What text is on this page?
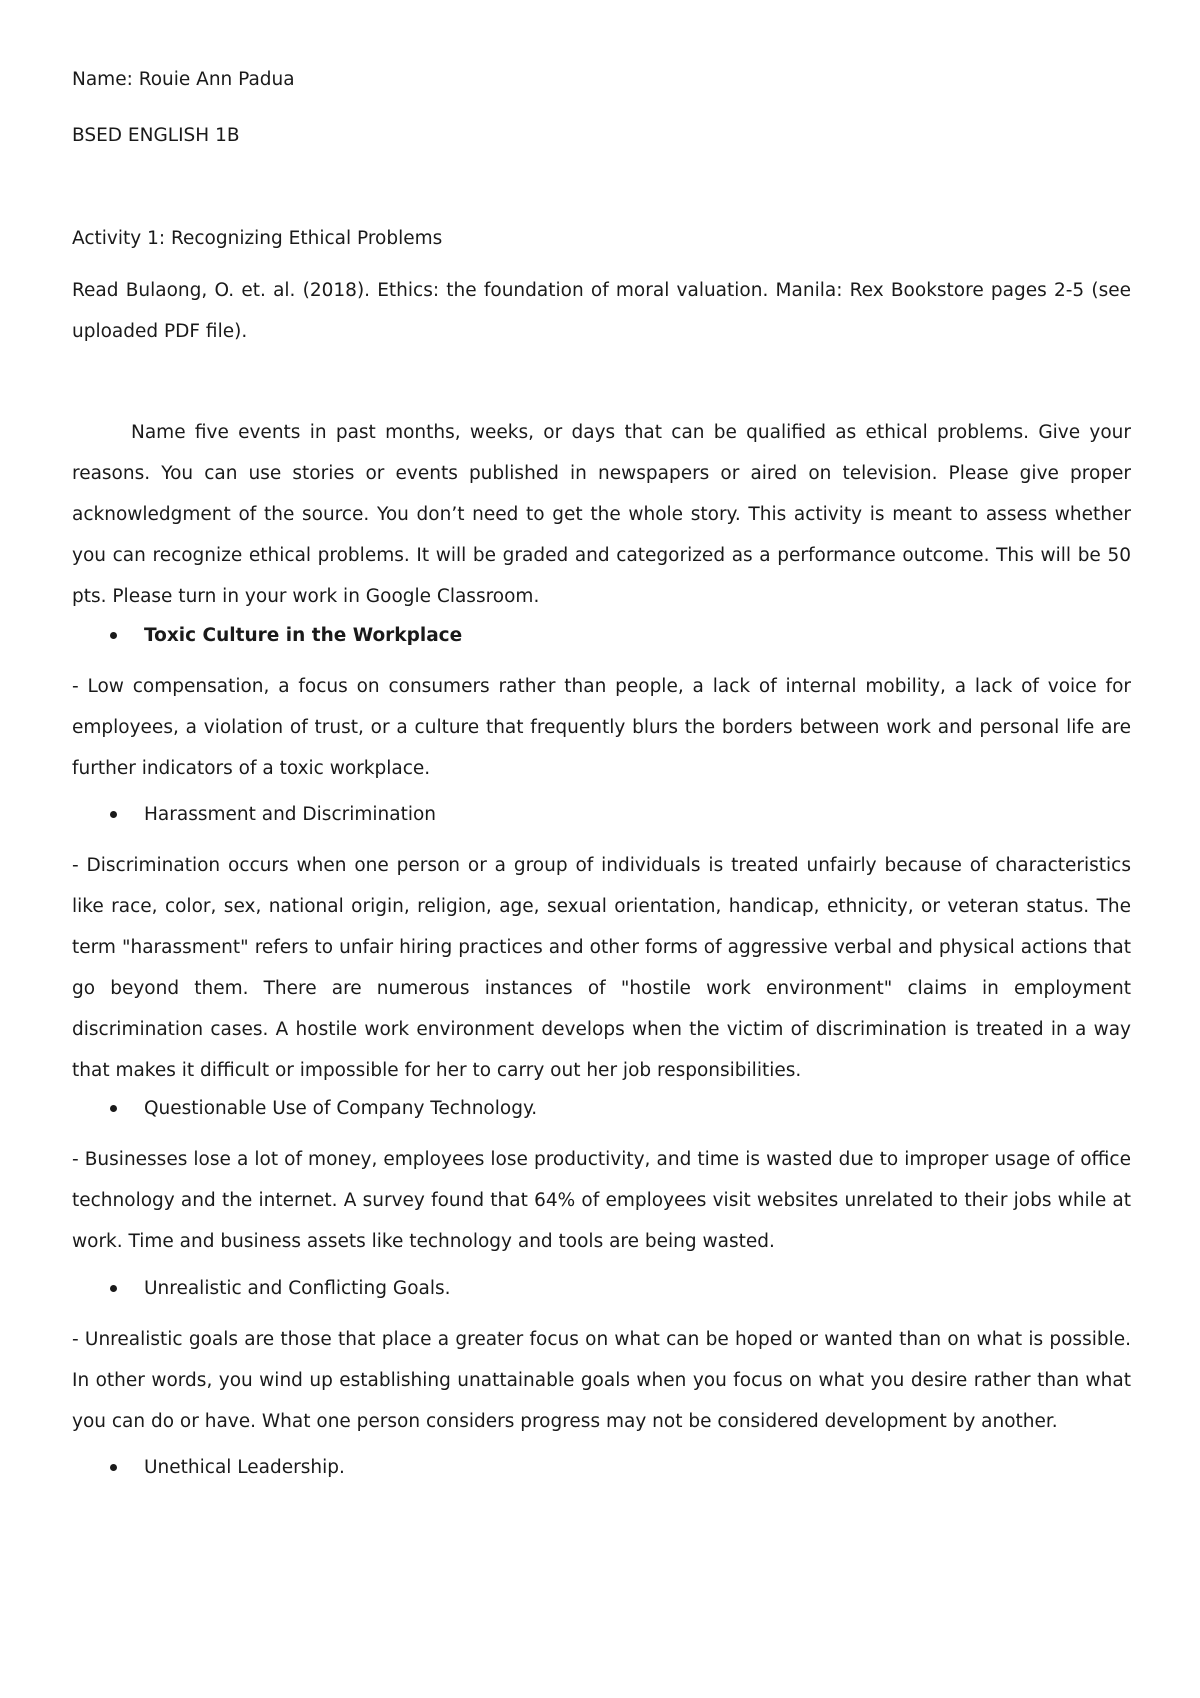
Name: Rouie Ann Padua

BSED ENGLISH 1B

Activity 1: Recognizing Ethical Problems

Read Bulaong, O. et. al. (2018). Ethics: the foundation of moral valuation. Manila: Rex Bookstore pages 2-5 (see uploaded PDF file).

Name five events in past months, weeks, or days that can be qualified as ethical problems. Give your reasons. You can use stories or events published in newspapers or aired on television. Please give proper acknowledgment of the source. You don’t need to get the whole story. This activity is meant to assess whether you can recognize ethical problems. It will be graded and categorized as a performance outcome. This will be 50 pts. Please turn in your work in Google Classroom.

Toxic Culture in the Workplace

- Low compensation, a focus on consumers rather than people, a lack of internal mobility, a lack of voice for employees, a violation of trust, or a culture that frequently blurs the borders between work and personal life are further indicators of a toxic workplace.

Harassment and Discrimination

- Discrimination occurs when one person or a group of individuals is treated unfairly because of characteristics like race, color, sex, national origin, religion, age, sexual orientation, handicap, ethnicity, or veteran status. The term "harassment" refers to unfair hiring practices and other forms of aggressive verbal and physical actions that go beyond them. There are numerous instances of "hostile work environment" claims in employment discrimination cases. A hostile work environment develops when the victim of discrimination is treated in a way that makes it difficult or impossible for her to carry out her job responsibilities.

Questionable Use of Company Technology.

- Businesses lose a lot of money, employees lose productivity, and time is wasted due to improper usage of office technology and the internet. A survey found that 64% of employees visit websites unrelated to their jobs while at work. Time and business assets like technology and tools are being wasted.

Unrealistic and Conflicting Goals.

- Unrealistic goals are those that place a greater focus on what can be hoped or wanted than on what is possible. In other words, you wind up establishing unattainable goals when you focus on what you desire rather than what you can do or have. What one person considers progress may not be considered development by another.

Unethical Leadership.
